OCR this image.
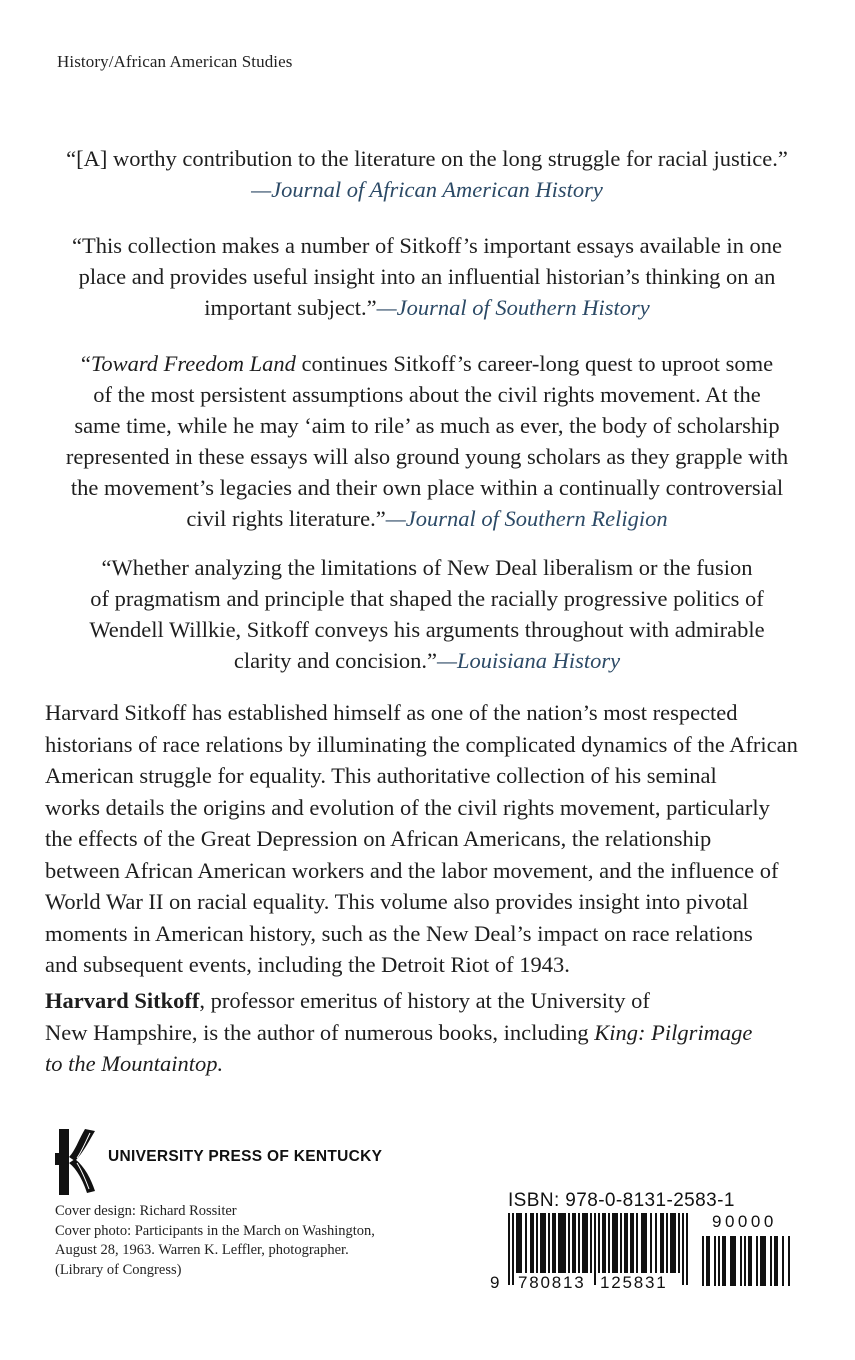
History/African American Studies
“[A] worthy contribution to the literature on the long struggle for racial justice.”
—Journal of African American History
“This collection makes a number of Sitkoff’s important essays available in one
place and provides useful insight into an influential historian’s thinking on an
important subject.”—Journal of Southern History
“Toward Freedom Land continues Sitkoff’s career-long quest to uproot some
of the most persistent assumptions about the civil rights movement. At the
same time, while he may ‘aim to rile’ as much as ever, the body of scholarship
represented in these essays will also ground young scholars as they grapple with
the movement’s legacies and their own place within a continually controversial
civil rights literature.”—Journal of Southern Religion
“Whether analyzing the limitations of New Deal liberalism or the fusion
of pragmatism and principle that shaped the racially progressive politics of
Wendell Willkie, Sitkoff conveys his arguments throughout with admirable
clarity and concision.”—Louisiana History
Harvard Sitkoff has established himself as one of the nation’s most respected
historians of race relations by illuminating the complicated dynamics of the African
American struggle for equality. This authoritative collection of his seminal
works details the origins and evolution of the civil rights movement, particularly
the effects of the Great Depression on African Americans, the relationship
between African American workers and the labor movement, and the influence of
World War II on racial equality. This volume also provides insight into pivotal
moments in American history, such as the New Deal’s impact on race relations
and subsequent events, including the Detroit Riot of 1943.
Harvard Sitkoff, professor emeritus of history at the University of
New Hampshire, is the author of numerous books, including King: Pilgrimage
to the Mountaintop.
UNIVERSITY PRESS OF KENTUCKY
Cover design: Richard Rossiter
Cover photo: Participants in the March on Washington,
August 28, 1963. Warren K. Leffler, photographer.
(Library of Congress)
ISBN: 978-0-8131-2583-1
90000
9 780813 125831
